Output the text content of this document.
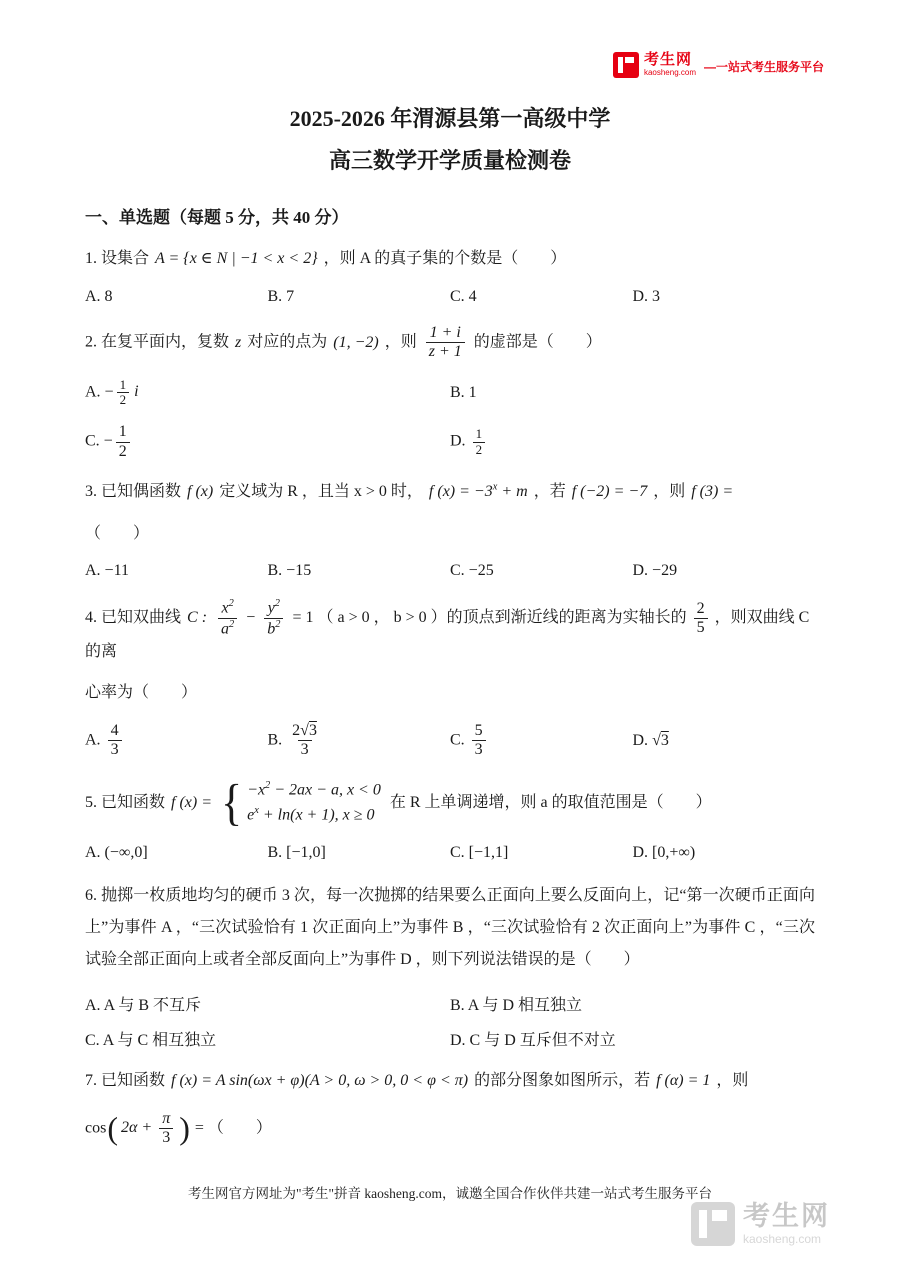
考生网
kaosheng.com —一站式考生服务平台
2025-2026 年渭源县第一高级中学
高三数学开学质量检测卷
一、单选题（每题 5 分，共 40 分）

1. 设集合 A = {x ∈ N | −1 < x < 2} ，则 A 的真子集的个数是（　　）

A. 8	B. 7	C. 4	D. 3

2. 在复平面内，复数 z 对应的点为 (1, −2) ，则 $\frac{1 + i}{z + 1}$ 的虚部是（　　）

A. − $\frac{1}{2}$ i	B. 1
C. − $\frac{1}{2}$	D. $\frac{1}{2}$

3. 已知偶函数 f (x) 定义域为 R ，且当 x > 0 时， f $(x) = -3^x + m$ ，若 f (−2) = −7 ，则 f (3) =

（　　）

A. −11	B. −15	C. −25	D. −29

4. 已知双曲线 C : $\frac{x^2}{a^2} - \frac{y^2}{b^2} = 1$ （ a > 0 ， b > 0 ）的顶点到渐近线的距离为实轴长的 $\frac{2}{5}$ ，则双曲线 C 的离

心率为（　　）

A. $\frac{4}{3}$	B. $\frac{2√3}{3}$	C. $\frac{5}{3}$	D. √3

5. 已知函数 f (x) = { $-x^2 - 2ax - a$, x < 0
$e^x + \ln(x + 1)$, x ≥ 0
在 R 上单调递增，则 a 的取值范围是（　　）

A. (−∞,0]	B. [−1,0]	C. [−1,1]	D. [0,+∞)

6. 抛掷一枚质地均匀的硬币 3 次，每一次抛掷的结果要么正面向上要么反面向上，记“第一次硬币正面向上”为事件 A ，“三次试验恰有 1 次正面向上”为事件 B ，“三次试验恰有 2 次正面向上”为事件 C ，“三次试验全部正面向上或者全部反面向上”为事件 D ，则下列说法错误的是（　　）

A. A 与 B 不互斥	B. A 与 D 相互独立
C. A 与 C 相互独立	D. C 与 D 互斥但不对立

7. 已知函数 f (x) = A sin(ωx + φ)(A > 0, ω > 0, 0 < φ < π) 的部分图象如图所示，若 f (α) = 1 ，则

cos( $2\alpha + \frac{\pi}{3}$ ) = （　　）

考生网官方网址为"考生"拼音 kaosheng.com，诚邀全国合作伙伴共建一站式考生服务平台
考生网
kaosheng.com
